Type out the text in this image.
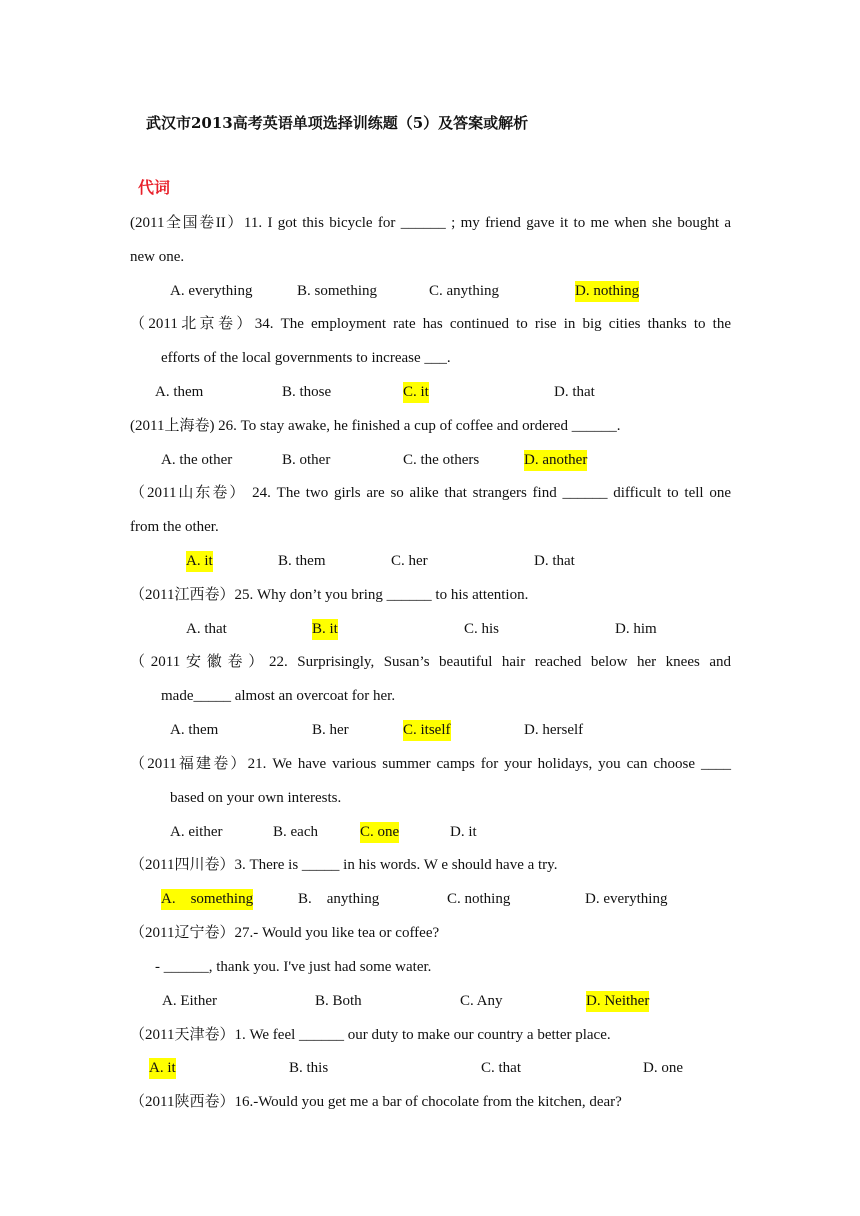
武汉市2013高考英语单项选择训练题（5）及答案或解析
代词
(2011全国卷II）11. I got this bicycle for ______ ; my friend gave it to me when she bought a
new one.
A. everything	B. something	C. anything	D. nothing
（2011北京卷）34. The employment rate has continued to rise in big cities thanks to the
efforts of the local governments to increase ___.
A. them	B. those	C. it	D. that
(2011上海卷) 26. To stay awake, he finished a cup of coffee and ordered ______.
A. the other	B. other	C. the others	D. another
（2011山东卷） 24. The two girls are so alike that strangers find ______ difficult to tell one
from the other.
A. it	B. them	C. her	D. that
（2011江西卷）25. Why don’t you bring ______ to his attention.
A. that	B. it	C. his	D. him
（2011安徽卷）22. Surprisingly, Susan’s beautiful hair reached below her knees and
made_____ almost an overcoat for her.
A. them	B. her	C. itself	D. herself
（2011福建卷）21. We have various summer camps for your holidays, you can choose ____
based on your own interests.
A. either	B. each	C. one	D. it
（2011四川卷）3. There is _____ in his words. W e should have a try.
A.    something	B.    anything	C. nothing	D. everything
（2011辽宁卷）27.- Would you like tea or coffee?
- ______, thank you. I've just had some water.
A. Either	B. Both	C. Any	D. Neither
（2011天津卷）1. We feel ______ our duty to make our country a better place.
A. it	B. this	C. that	D. one
（2011陕西卷）16.-Would you get me a bar of chocolate from the kitchen, dear?
